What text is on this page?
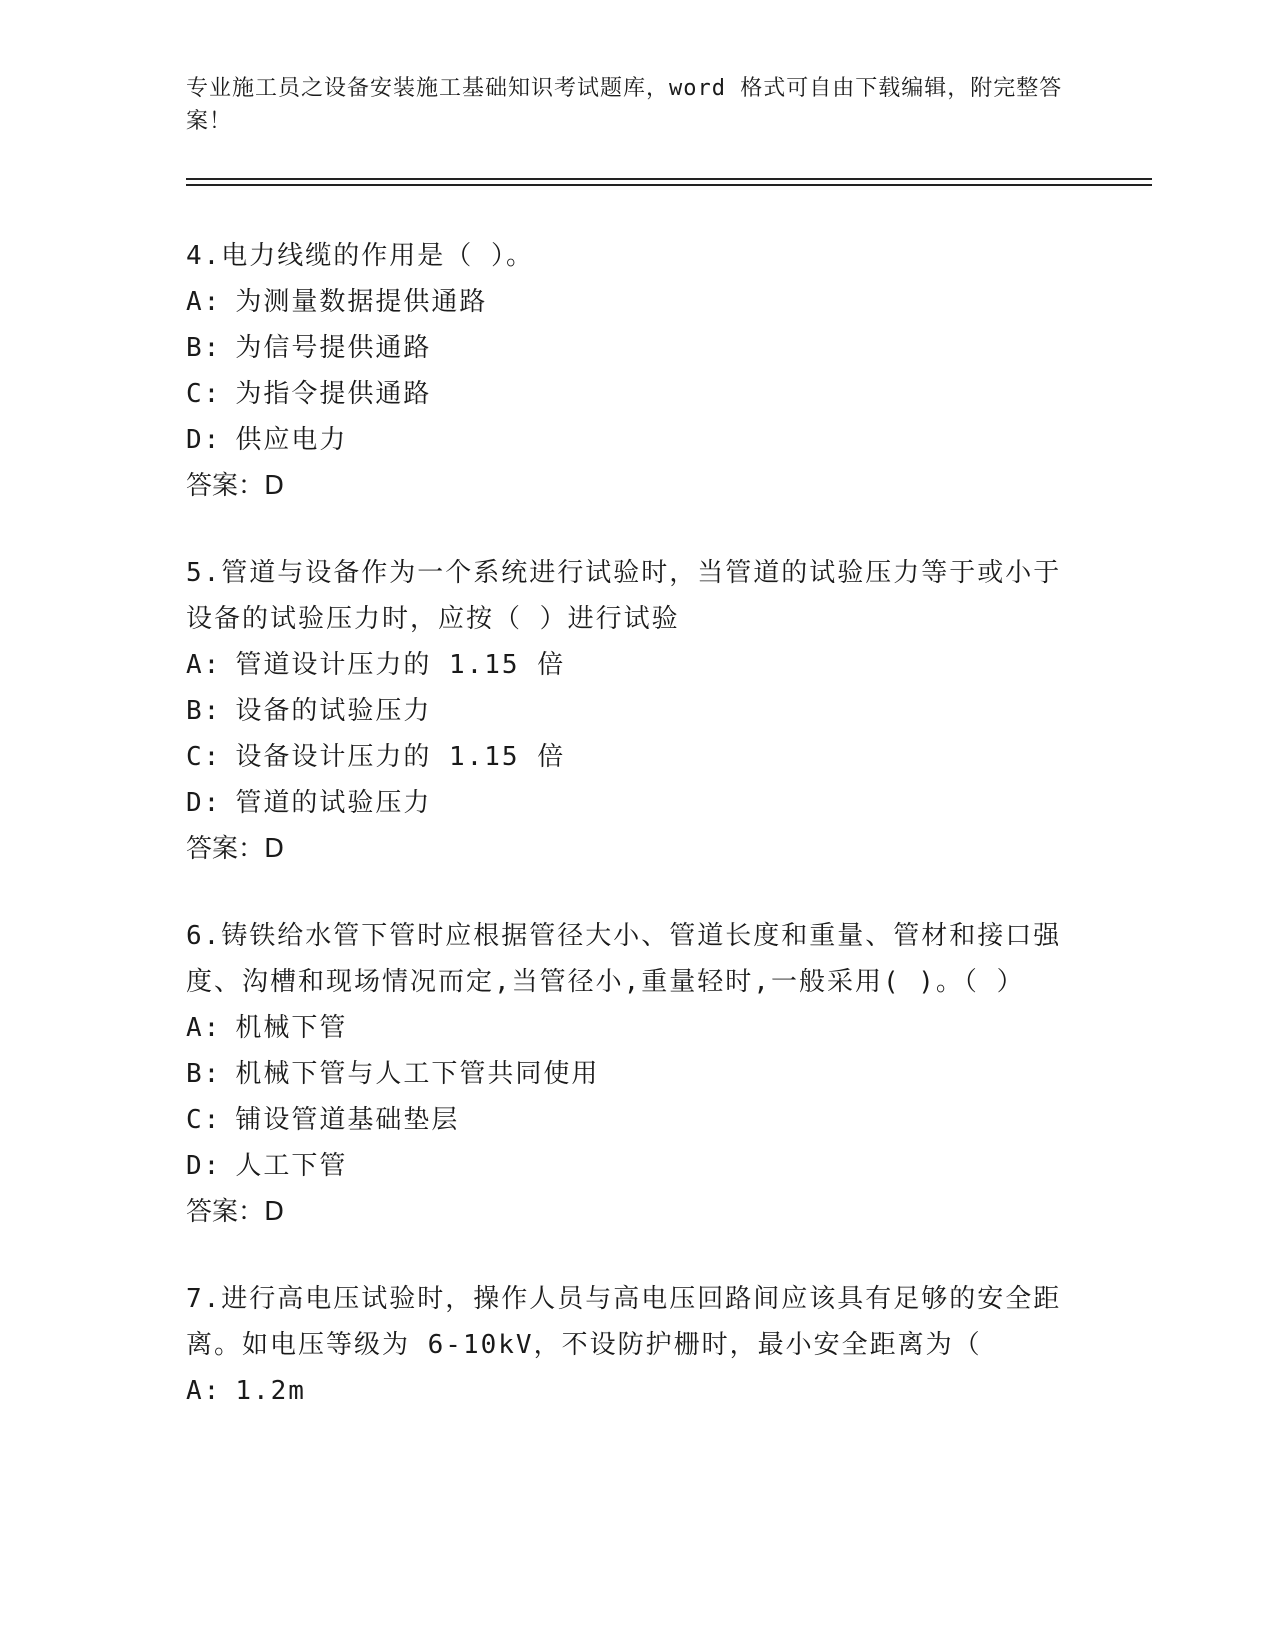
专业施工员之设备安装施工基础知识考试题库，word 格式可自由下载编辑，附完整答案！

4.电力线缆的作用是（ ）。

A: 为测量数据提供通路

B: 为信号提供通路

C: 为指令提供通路

D: 供应电力

答案：D

5.管道与设备作为一个系统进行试验时，当管道的试验压力等于或小于设备的试验压力时，应按（ ）进行试验

A: 管道设计压力的 1.15 倍

B: 设备的试验压力

C: 设备设计压力的 1.15 倍

D: 管道的试验压力

答案：D

6.铸铁给水管下管时应根据管径大小、管道长度和重量、管材和接口强度、沟槽和现场情况而定,当管径小,重量轻时,一般采用( )。（ ）

A: 机械下管

B: 机械下管与人工下管共同使用

C: 铺设管道基础垫层

D: 人工下管

答案：D

7.进行高电压试验时，操作人员与高电压回路间应该具有足够的安全距离。如电压等级为 6-10kV，不设防护栅时，最小安全距离为（

A: 1.2m
